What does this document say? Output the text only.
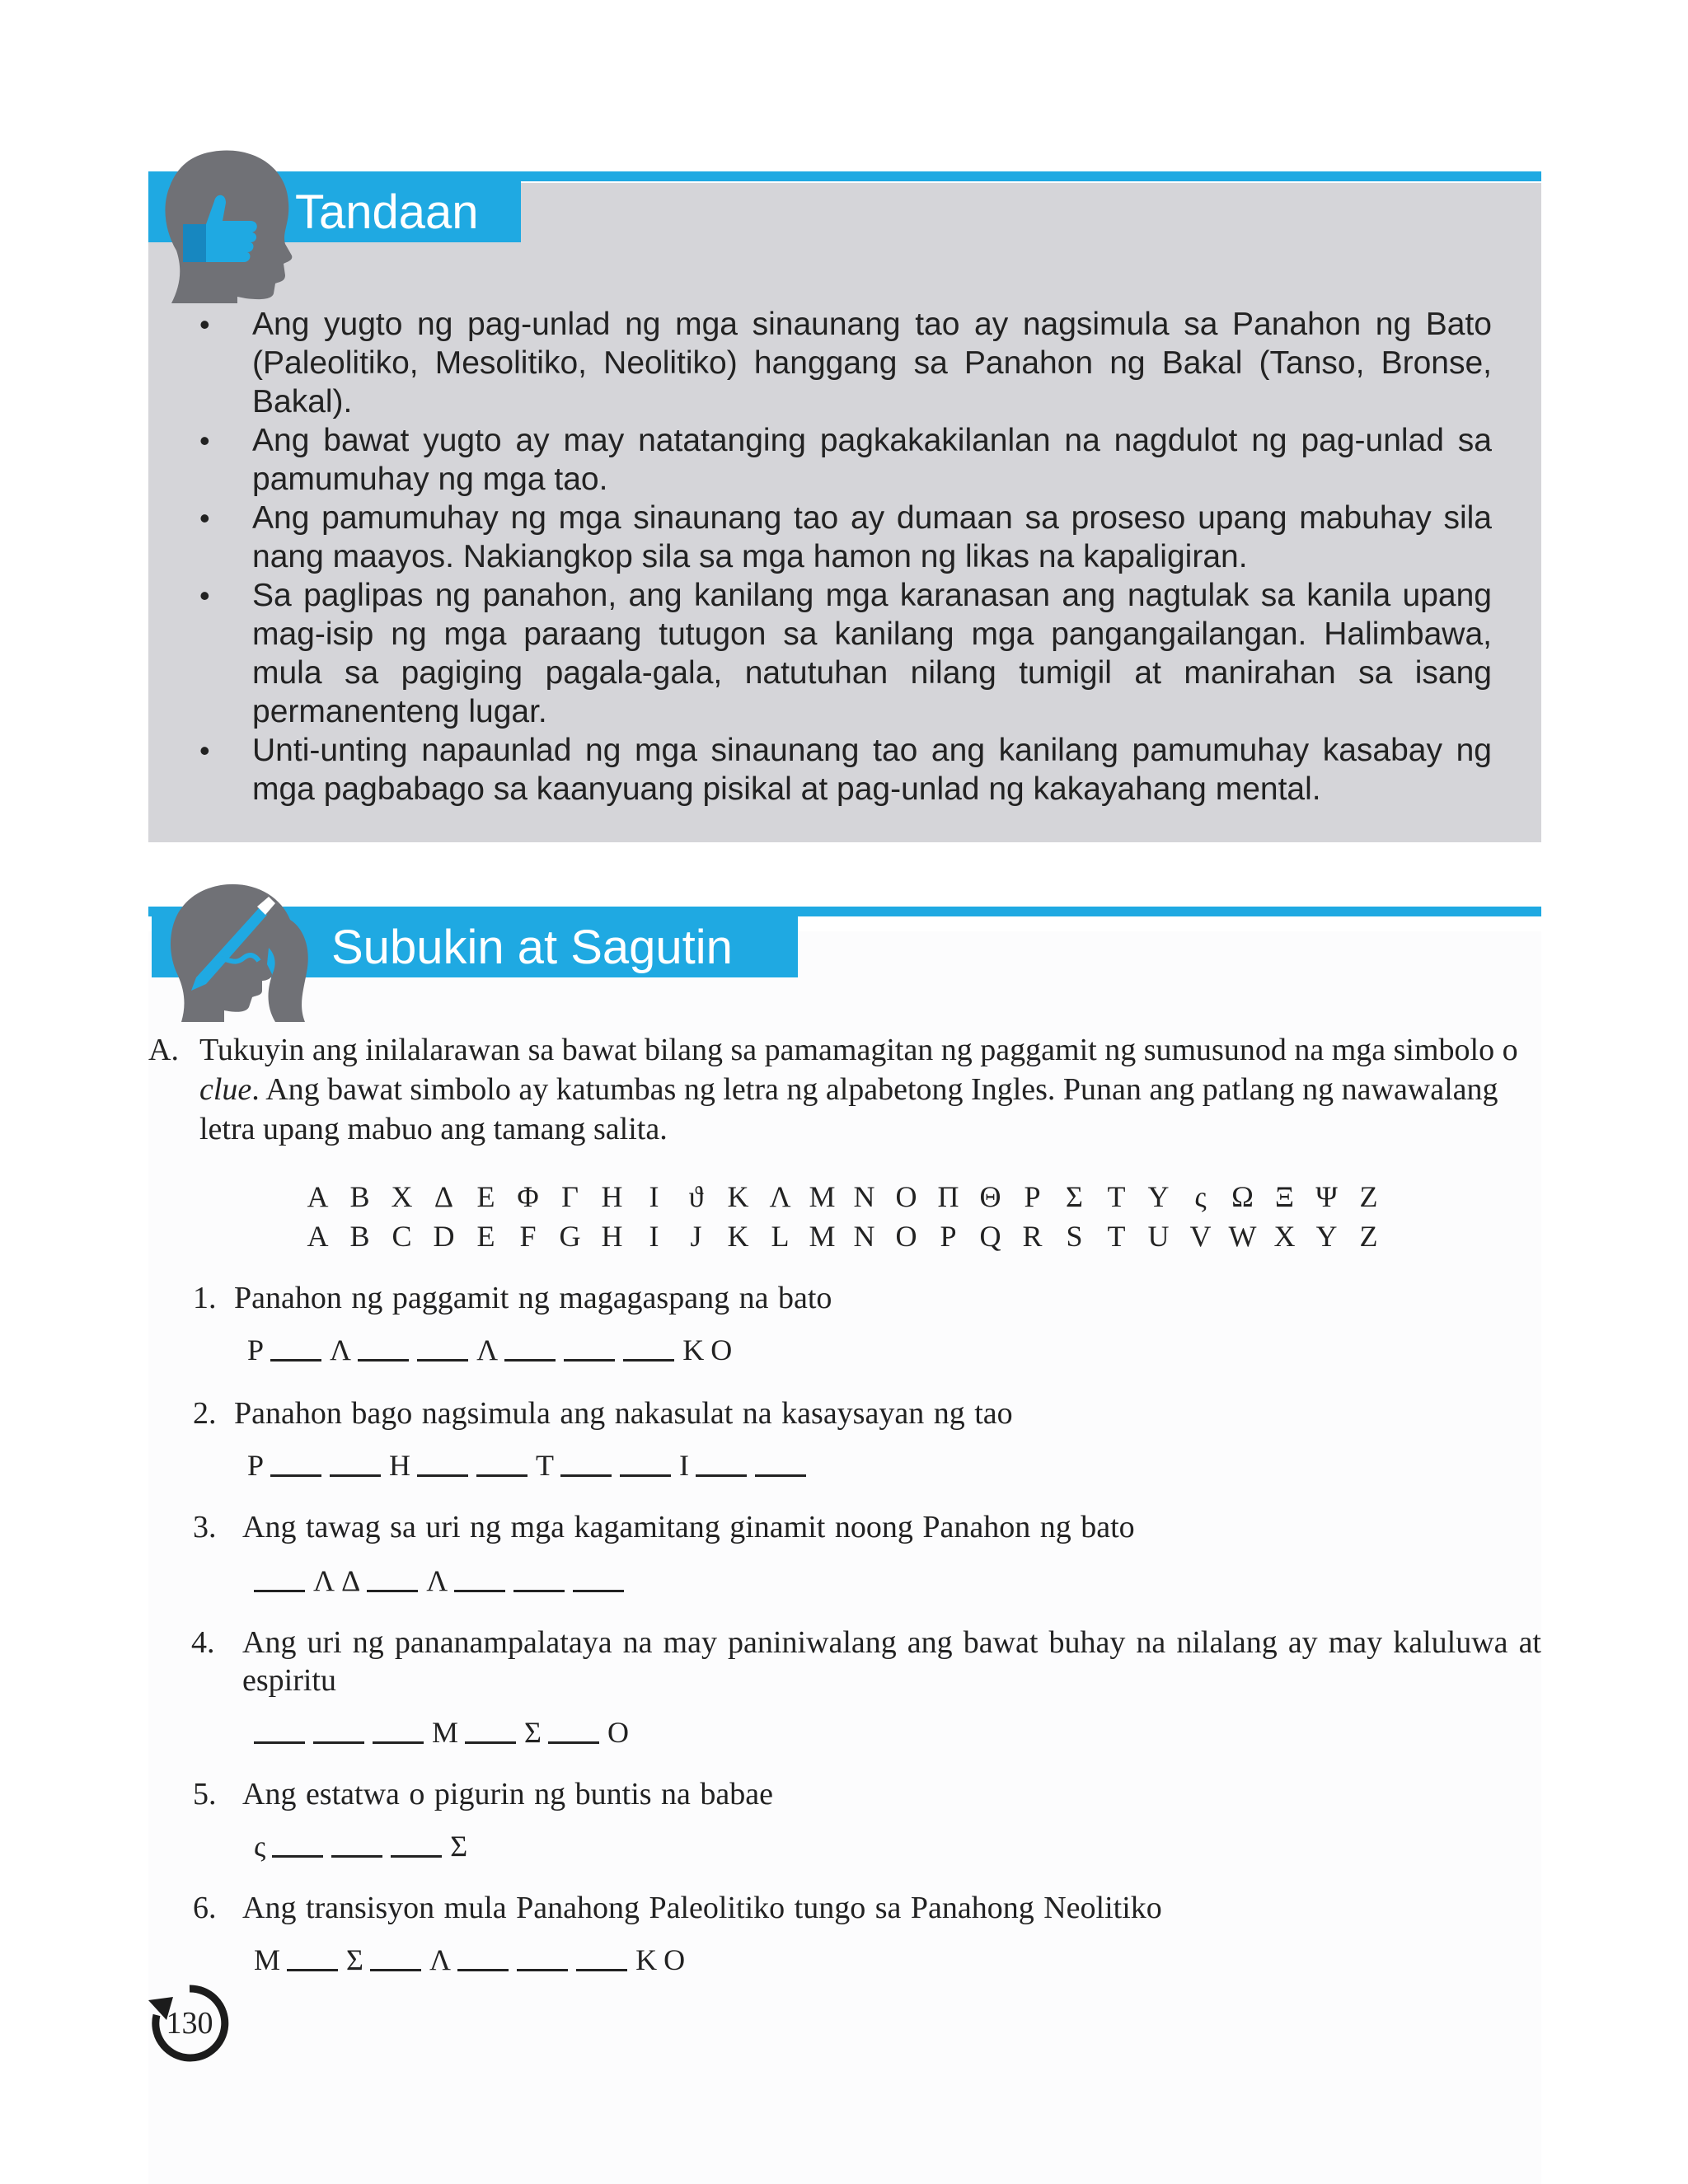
Tandaan
• Ang yugto ng pag-unlad ng mga sinaunang tao ay nagsimula sa Panahon ng Bato (Paleolitiko, Mesolitiko, Neolitiko) hanggang sa Panahon ng Bakal (Tanso, Bronse, Bakal).
• Ang bawat yugto ay may natatanging pagkakakilanlan na nagdulot ng pag-unlad sa pamumuhay ng mga tao.
• Ang pamumuhay ng mga sinaunang tao ay dumaan sa proseso upang mabuhay sila nang maayos. Nakiangkop sila sa mga hamon ng likas na kapaligiran.
• Sa paglipas ng panahon, ang kanilang mga karanasan ang nagtulak sa kanila upang mag-isip ng mga paraang tutugon sa kanilang mga pangangailangan. Halimbawa, mula sa pagiging pagala-gala, natutuhan nilang tumigil at manirahan sa isang permanenteng lugar.
• Unti-unting napaunlad ng mga sinaunang tao ang kanilang pamumuhay kasabay ng mga pagbabago sa kaanyuang pisikal at pag-unlad ng kakayahang mental.
Subukin at Sagutin
A. Tukuyin ang inilalarawan sa bawat bilang sa pamamagitan ng paggamit ng sumusunod na mga simbolo o clue. Ang bawat simbolo ay katumbas ng letra ng alpabetong Ingles. Punan ang patlang ng nawawalang letra upang mabuo ang tamang salita.
Α Β Χ Δ Ε Φ Γ Η Ι	ϑ Κ Λ Μ Ν Ο Π Θ Ρ Σ Τ Υ ς Ω Ξ Ψ Ζ
A B C D E F G H I	J K L M N O P Q R S T U V W X Y Z
1. Panahon ng paggamit ng magagaspang na bato
P Λ	Λ	K O
2. Panahon bago nagsimula ang nakasulat na kasaysayan ng tao
P	H	T	I
3. Ang tawag sa uri ng mga kagamitang ginamit noong Panahon ng bato
Λ Δ Λ
4. Ang uri ng pananampalataya na may paniniwalang ang bawat buhay na nilalang ay may kaluluwa at espiritu
M Σ O
5. Ang estatwa o pigurin ng buntis na babae
ς	Σ
6. Ang transisyon mula Panahong Paleolitiko tungo sa Panahong Neolitiko
M Σ Λ	K O
130
